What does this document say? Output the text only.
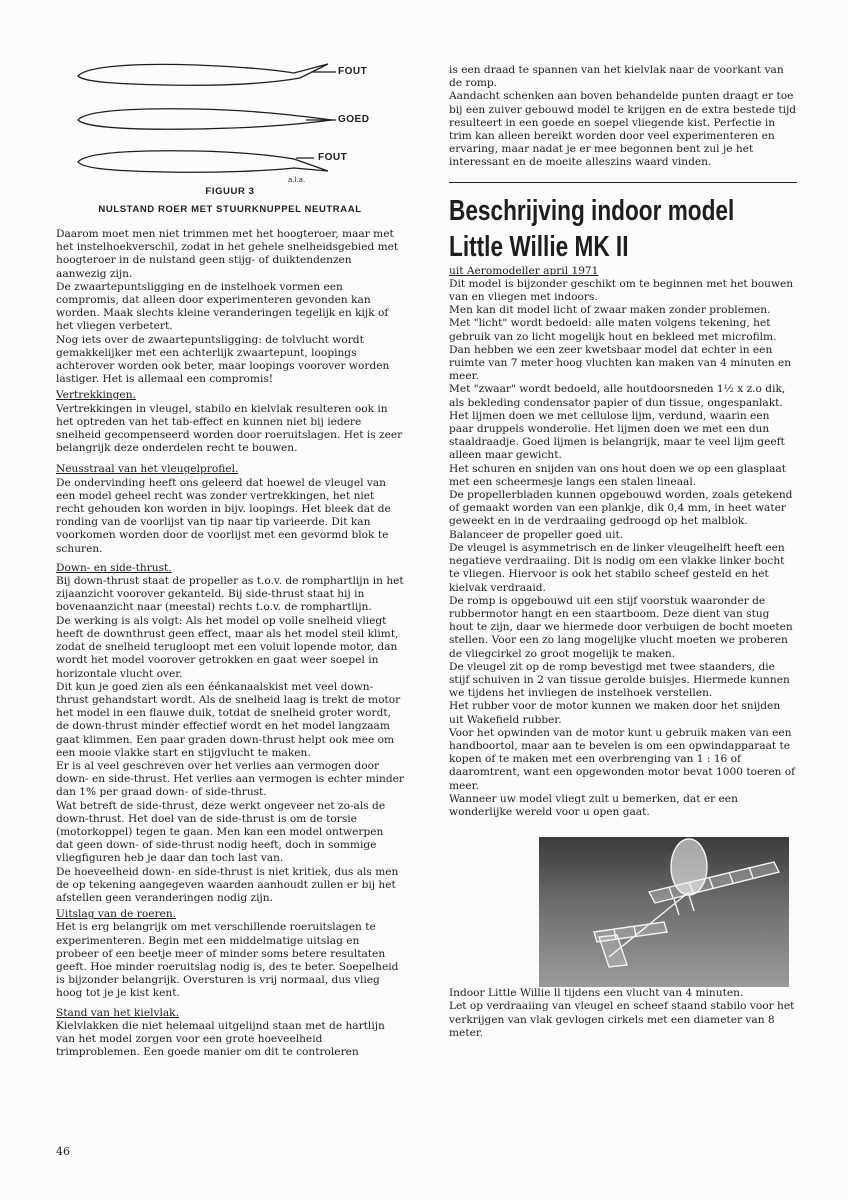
FOUT
GOED
FOUT
a.l.a.
FIGUUR 3
NULSTAND ROER MET STUURKNUPPEL NEUTRAAL

Daarom moet men niet trimmen met het hoogteroer, maar met het instelhoekverschil, zodat in het gehele snelheidsgebied met hoogteroer in de nulstand geen stijg- of duiktendenzen aanwezig zijn.

De zwaartepuntsligging en de instelhoek vormen een compromis, dat alleen door experimenteren gevonden kan worden. Maak slechts kleine veranderingen tegelijk en kijk of het vliegen verbetert.

Nog iets over de zwaartepuntsligging: de tolvlucht wordt gemakkelijker met een achterlijk zwaartepunt, loopings achterover worden ook beter, maar loopings voorover worden lastiger. Het is allemaal een compromis!

Vertrekkingen.

Vertrekkingen in vleugel, stabilo en kielvlak resulteren ook in het optreden van het tab-effect en kunnen niet bij iedere snelheid gecompenseerd worden door roeruitslagen. Het is zeer belangrijk deze onderdelen recht te bouwen.

Neusstraal van het vleugelprofiel.

De ondervinding heeft ons geleerd dat hoewel de vleugel van een model geheel recht was zonder vertrekkingen, het niet recht gehouden kon worden in bijv. loopings. Het bleek dat de ronding van de voorlijst van tip naar tip varieerde. Dit kan voorkomen worden door de voorlijst met een gevormd blok te schuren.

Down- en side-thrust.

Bij down-thrust staat de propeller as t.o.v. de romphartlijn in het zijaanzicht voorover gekanteld. Bij side-thrust staat hij in bovenaanzicht naar (meestal) rechts t.o.v. de romphartlijn.

De werking is als volgt: Als het model op volle snelheid vliegt heeft de downthrust geen effect, maar als het model steil klimt, zodat de snelheid terugloopt met een voluit lopende motor, dan wordt het model voorover getrokken en gaat weer soepel in horizontale vlucht over.

Dit kun je goed zien als een éénkanaalskist met veel down-thrust gehandstart wordt. Als de snelheid laag is trekt de motor het model in een flauwe duik, totdat de snelheid groter wordt, de down-thrust minder effectief wordt en het model langzaam gaat klimmen. Een paar graden down-thrust helpt ook mee om een mooie vlakke start en stijgvlucht te maken.

Er is al veel geschreven over het verlies aan vermogen door down- en side-thrust. Het verlies aan vermogen is echter minder dan 1% per graad down- of side-thrust.

Wat betreft de side-thrust, deze werkt ongeveer net zo-als de down-thrust. Het doel van de side-thrust is om de torsie (motorkoppel) tegen te gaan. Men kan een model ontwerpen dat geen down- of side-thrust nodig heeft, doch in sommige vliegfiguren heb je daar dan toch last van.

De hoeveelheid down- en side-thrust is niet kritiek, dus als men de op tekening aangegeven waarden aanhoudt zullen er bij het afstellen geen veranderingen nodig zijn.

Uitslag van de roeren.

Het is erg belangrijk om met verschillende roeruitslagen te experimenteren. Begin met een middelmatige uitslag en probeer of een beetje meer of minder soms betere resultaten geeft. Hoe minder roeruitslag nodig is, des te beter. Soepelheid is bijzonder belangrijk. Oversturen is vrij normaal, dus vlieg hoog tot je je kist kent.

Stand van het kielvlak.

Kielvlakken die niet helemaal uitgelijnd staan met de hartlijn van het model zorgen voor een grote hoeveelheid trimproblemen. Een goede manier om dit te controleren

is een draad te spannen van het kielvlak naar de voorkant van de romp.

Aandacht schenken aan boven behandelde punten draagt er toe bij een zuiver gebouwd model te krijgen en de extra bestede tijd resulteert in een goede en soepel vliegende kist. Perfectie in trim kan alleen bereikt worden door veel experimenteren en ervaring, maar nadat je er mee begonnen bent zul je het interessant en de moeite alleszins waard vinden.

Beschrijving indoor model
Little Willie MK II

uit Aeromodeller april 1971

Dit model is bijzonder geschikt om te beginnen met het bouwen van en vliegen met indoors.

Men kan dit model licht of zwaar maken zonder problemen.

Met "licht" wordt bedoeld: alle maten volgens tekening, het gebruik van zo licht mogelijk hout en bekleed met microfilm. Dan hebben we een zeer kwetsbaar model dat echter in een ruimte van 7 meter hoog vluchten kan maken van 4 minuten en meer.

Met "zwaar" wordt bedoeld, alle houtdoorsneden 1½ x z.o dik, als bekleding condensator papier of dun tissue, ongespanlakt.

Het lijmen doen we met cellulose lijm, verdund, waarin een paar druppels wonderolie. Het lijmen doen we met een dun staaldraadje. Goed lijmen is belangrijk, maar te veel lijm geeft alleen maar gewicht.

Het schuren en snijden van ons hout doen we op een glasplaat met een scheermesje langs een stalen lineaal.

De propellerbladen kunnen opgebouwd worden, zoals getekend of gemaakt worden van een plankje, dik 0,4 mm, in heet water geweekt en in de verdraaiing gedroogd op het malblok. Balanceer de propeller goed uit.

De vleugel is asymmetrisch en de linker vleugelhelft heeft een negatieve verdraaiing. Dit is nodig om een vlakke linker bocht te vliegen. Hiervoor is ook het stabilo scheef gesteld en het kielvak verdraaid.

De romp is opgebouwd uit een stijf voorstuk waaronder de rubbermotor hangt en een staartboom. Deze dient van stug hout te zijn, daar we hiermede door verbuigen de bocht moeten stellen. Voor een zo lang mogelijke vlucht moeten we proberen de vliegcirkel zo groot mogelijk te maken.

De vleugel zit op de romp bevestigd met twee staanders, die stijf schuiven in 2 van tissue gerolde buisjes. Hiermede kunnen we tijdens het invliegen de instelhoek verstellen.

Het rubber voor de motor kunnen we maken door het snijden uit Wakefield rubber.

Voor het opwinden van de motor kunt u gebruik maken van een handboortol, maar aan te bevelen is om een opwindapparaat te kopen of te maken met een overbrenging van 1 : 16 of daaromtrent, want een opgewonden motor bevat 1000 toeren of meer.

Wanneer uw model vliegt zult u bemerken, dat er een wonderlijke wereld voor u open gaat.

Indoor Little Willie ll tijdens een vlucht van 4 minuten.

Let op verdraaiing van vleugel en scheef staand stabilo voor het verkrijgen van vlak gevlogen cirkels met een diameter van 8 meter.

46
